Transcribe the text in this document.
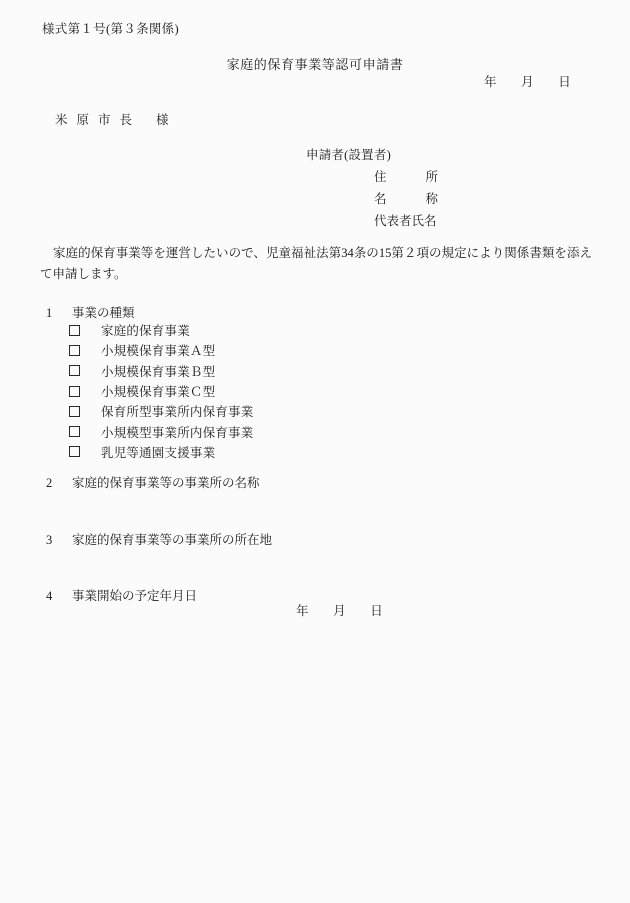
様式第１号(第３条関係)
家庭的保育事業等認可申請書
年 月 日
米原市長 様
申請者(設置者)
住所
名称
代表者氏名
家庭的保育事業等を運営したいので、児童福祉法第34条の15第２項の規定により関係書類を添えて申請します。
1 事業の種類
家庭的保育事業
小規模保育事業Ａ型
小規模保育事業Ｂ型
小規模保育事業Ｃ型
保育所型事業所内保育事業
小規模型事業所内保育事業
乳児等通園支援事業
2 家庭的保育事業等の事業所の名称
3 家庭的保育事業等の事業所の所在地
4 事業開始の予定年月日
年 月 日
